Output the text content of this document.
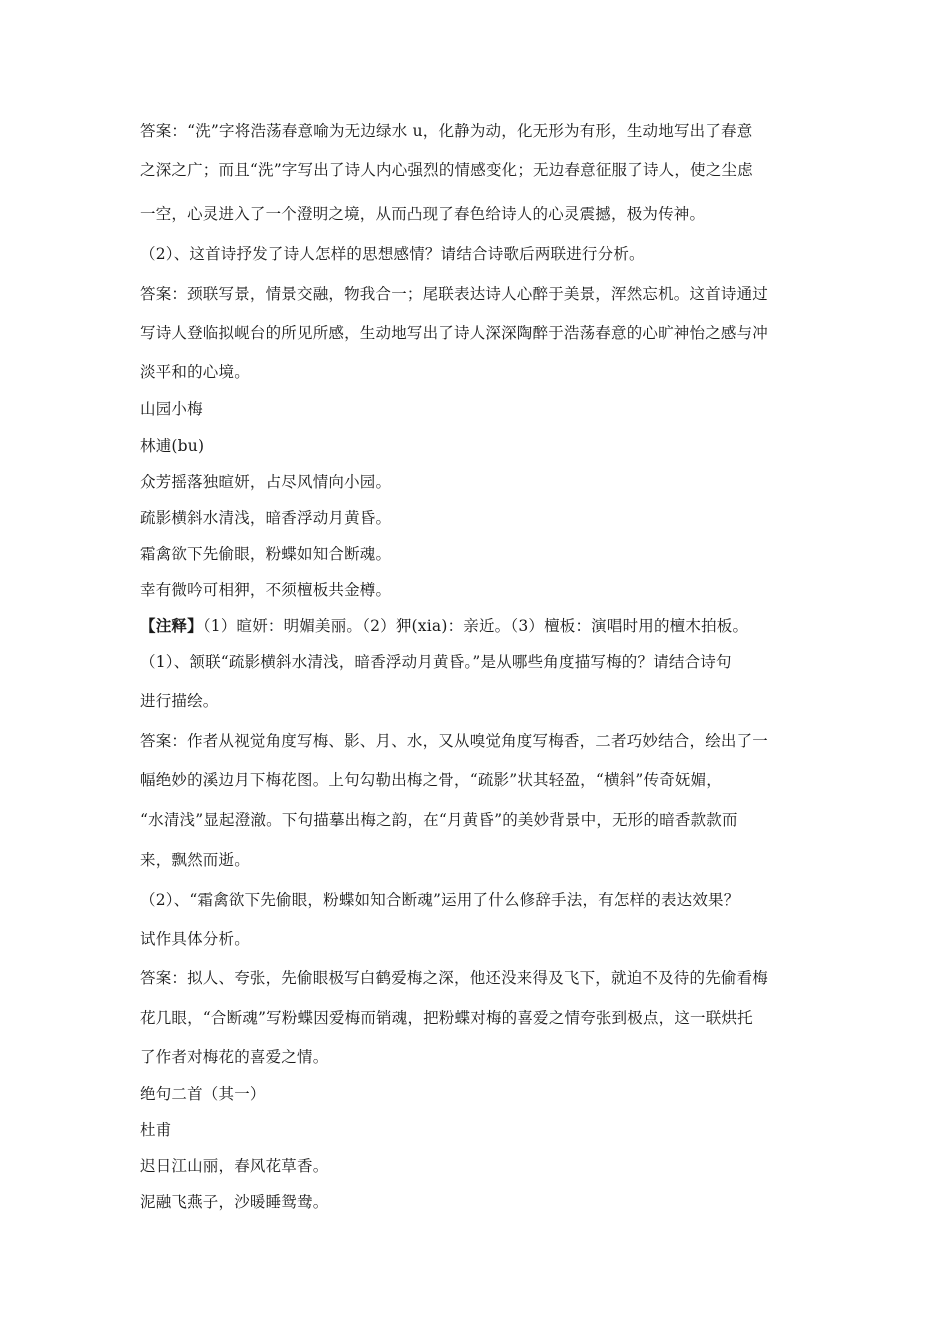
答案：“洗”字将浩荡春意喻为无边绿水 u，化静为动，化无形为有形，生动地写出了春意
之深之广；而且“洗”字写出了诗人内心强烈的情感变化；无边春意征服了诗人，使之尘虑
一空，心灵进入了一个澄明之境，从而凸现了春色给诗人的心灵震撼，极为传神。
（2）、这首诗抒发了诗人怎样的思想感情？请结合诗歌后两联进行分析。
答案：颈联写景，情景交融，物我合一；尾联表达诗人心醉于美景，浑然忘机。这首诗通过
写诗人登临拟岘台的所见所感，生动地写出了诗人深深陶醉于浩荡春意的心旷神怡之感与冲
淡平和的心境。
山园小梅
林逋(bu)
众芳摇落独暄妍，占尽风情向小园。
疏影横斜水清浅，暗香浮动月黄昏。
霜禽欲下先偷眼，粉蝶如知合断魂。
幸有微吟可相狎，不须檀板共金樽。
【注释】（1）暄妍：明媚美丽。（2）狎(xia)：亲近。（3）檀板：演唱时用的檀木拍板。
（1）、颔联“疏影横斜水清浅，暗香浮动月黄昏。”是从哪些角度描写梅的？请结合诗句
进行描绘。
答案：作者从视觉角度写梅、影、月、水，又从嗅觉角度写梅香，二者巧妙结合，绘出了一
幅绝妙的溪边月下梅花图。上句勾勒出梅之骨，“疏影”状其轻盈，“横斜”传奇妩媚，
“水清浅”显起澄澈。下句描摹出梅之韵，在“月黄昏”的美妙背景中，无形的暗香款款而
来，飘然而逝。
（2）、“霜禽欲下先偷眼，粉蝶如知合断魂”运用了什么修辞手法，有怎样的表达效果？
试作具体分析。
答案：拟人、夸张，先偷眼极写白鹤爱梅之深，他还没来得及飞下，就迫不及待的先偷看梅
花几眼，“合断魂”写粉蝶因爱梅而销魂，把粉蝶对梅的喜爱之情夸张到极点，这一联烘托
了作者对梅花的喜爱之情。
绝句二首（其一）
杜甫
迟日江山丽，春风花草香。
泥融飞燕子，沙暖睡鸳鸯。
